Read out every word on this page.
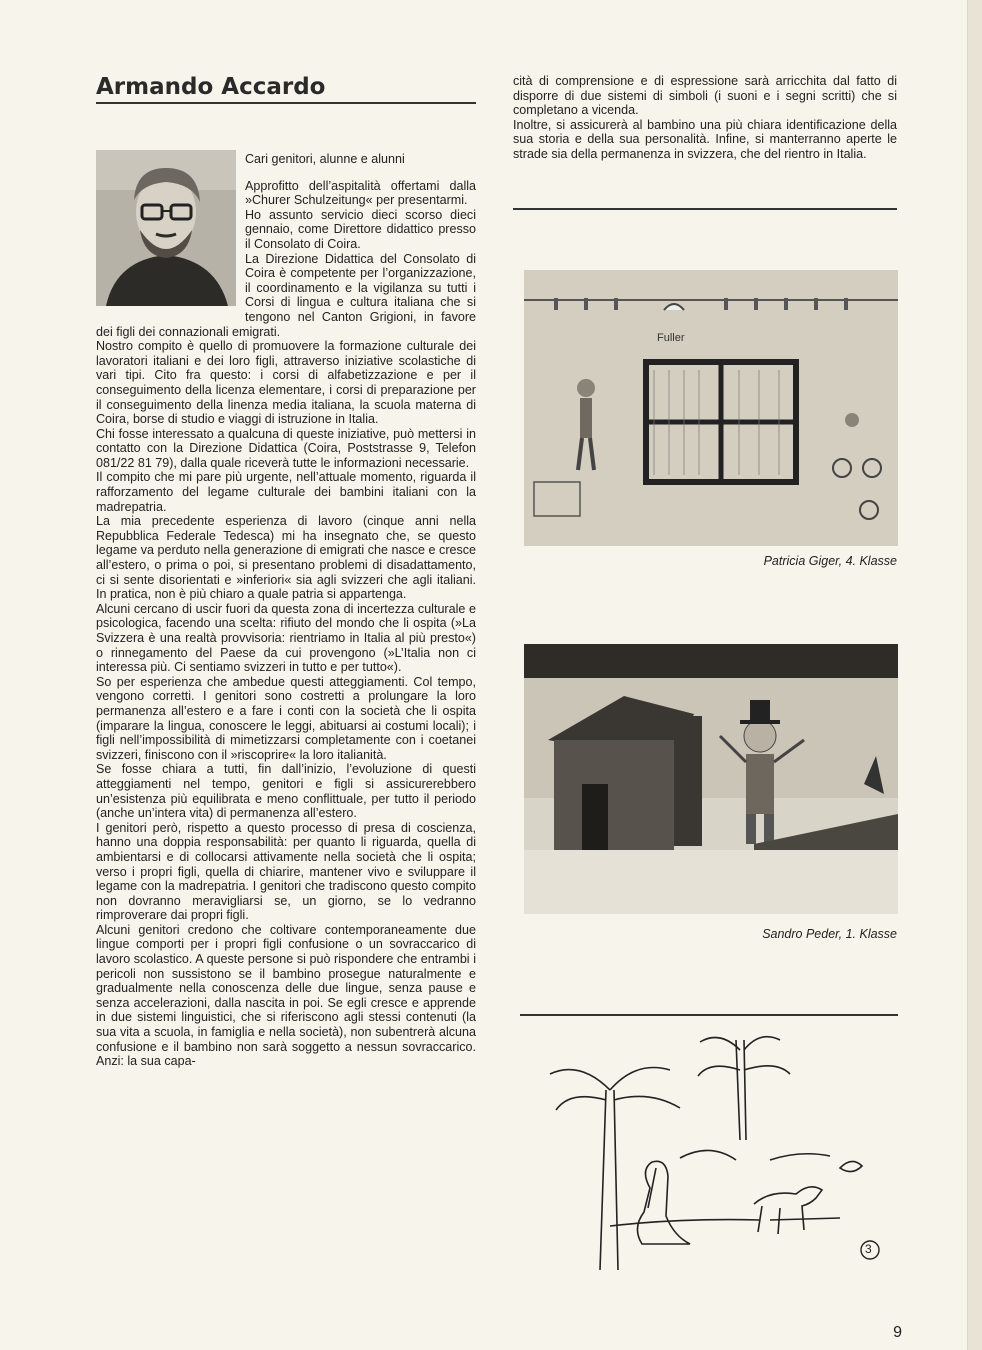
Armando Accardo

Cari genitori, alunne e alunni

Approfitto dell’aspitalità offertami dalla »Churer Schulzeitung« per presentarmi.

Ho assunto servicio dieci scorso dieci gennaio, come Direttore didattico presso il Consolato di Coira.

La Direzione Didattica del Consolato di Coira è competente per l’organizzazione, il coordinamento e la vigilanza su tutti i Corsi di lingua e cultura italiana che si tengono nel Canton Grigioni, in favore dei figli dei connazionali emigrati.

Nostro compito è quello di promuovere la formazione culturale dei lavoratori italiani e dei loro figli, attraverso iniziative scolastiche di vari tipi. Cito fra questo: i corsi di alfabetizzazione e per il conseguimento della licenza elementare, i corsi di preparazione per il conseguimento della linenza media italiana, la scuola materna di Coira, borse di studio e viaggi di istruzione in Italia.

Chi fosse interessato a qualcuna di queste iniziative, può mettersi in contatto con la Direzione Didattica (Coira, Poststrasse 9, Telefon 081/22 81 79), dalla quale riceverà tutte le informazioni necessarie.

Il compito che mi pare più urgente, nell’attuale momento, riguarda il rafforzamento del legame culturale dei bambini italiani con la madrepatria.

La mia precedente esperienza di lavoro (cinque anni nella Repubblica Federale Tedesca) mi ha insegnato che, se questo legame va perduto nella generazione di emigrati che nasce e cresce all’estero, o prima o poi, si presentano problemi di disadattamento, ci si sente disorientati e »inferiori« sia agli svizzeri che agli italiani. In pratica, non è più chiaro a quale patria si appartenga.

Alcuni cercano di uscir fuori da questa zona di incertezza culturale e psicologica, facendo una scelta: rifiuto del mondo che li ospita (»La Svizzera è una realtà provvisoria: rientriamo in Italia al più presto«) o rinnegamento del Paese da cui provengono (»L’Italia non ci interessa più. Ci sentiamo svizzeri in tutto e per tutto«).

So per esperienza che ambedue questi atteggiamenti. Col tempo, vengono corretti. I genitori sono costretti a prolungare la loro permanenza all’estero e a fare i conti con la società che li ospita (imparare la lingua, conoscere le leggi, abituarsi ai costumi locali); i figli nell’impossibilità di mimetizzarsi completamente con i coetanei svizzeri, finiscono con il »riscoprire« la loro italianità.

Se fosse chiara a tutti, fin dall’inizio, l’evoluzione di questi atteggiamenti nel tempo, genitori e figli si assicurerebbero un’esistenza più equilibrata e meno conflittuale, per tutto il periodo (anche un’intera vita) di permanenza all’estero.

I genitori però, rispetto a questo processo di presa di coscienza, hanno una doppia responsabilità: per quanto li riguarda, quella di ambientarsi e di collocarsi attivamente nella società che li ospita; verso i propri figli, quella di chiarire, mantener vivo e sviluppare il legame con la madrepatria. I genitori che tradiscono questo compito non dovranno meravigliarsi se, un giorno, se lo vedranno rimproverare dai propri figli.

Alcuni genitori credono che coltivare contemporaneamente due lingue comporti per i propri figli confusione o un sovraccarico di lavoro scolastico. A queste persone si può rispondere che entrambi i pericoli non sussistono se il bambino prosegue naturalmente e gradualmente nella conoscenza delle due lingue, senza pause e senza accelerazioni, dalla nascita in poi. Se egli cresce e apprende in due sistemi linguistici, che si riferiscono agli stessi contenuti (la sua vita a scuola, in famiglia e nella società), non subentrerà alcuna confusione e il bambino non sarà soggetto a nessun sovraccarico. Anzi: la sua capa-

cità di comprensione e di espressione sarà arricchita dal fatto di disporre di due sistemi di simboli (i suoni e i segni scritti) che si completano a vicenda.

Inoltre, si assicurerà al bambino una più chiara identificazione della sua storia e della sua personalità. Infine, si manterranno aperte le strade sia della permanenza in svizzera, che del rientro in Italia.

Fuller
Patricia Giger, 4. Klasse
Sandro Peder, 1. Klasse
3
9
